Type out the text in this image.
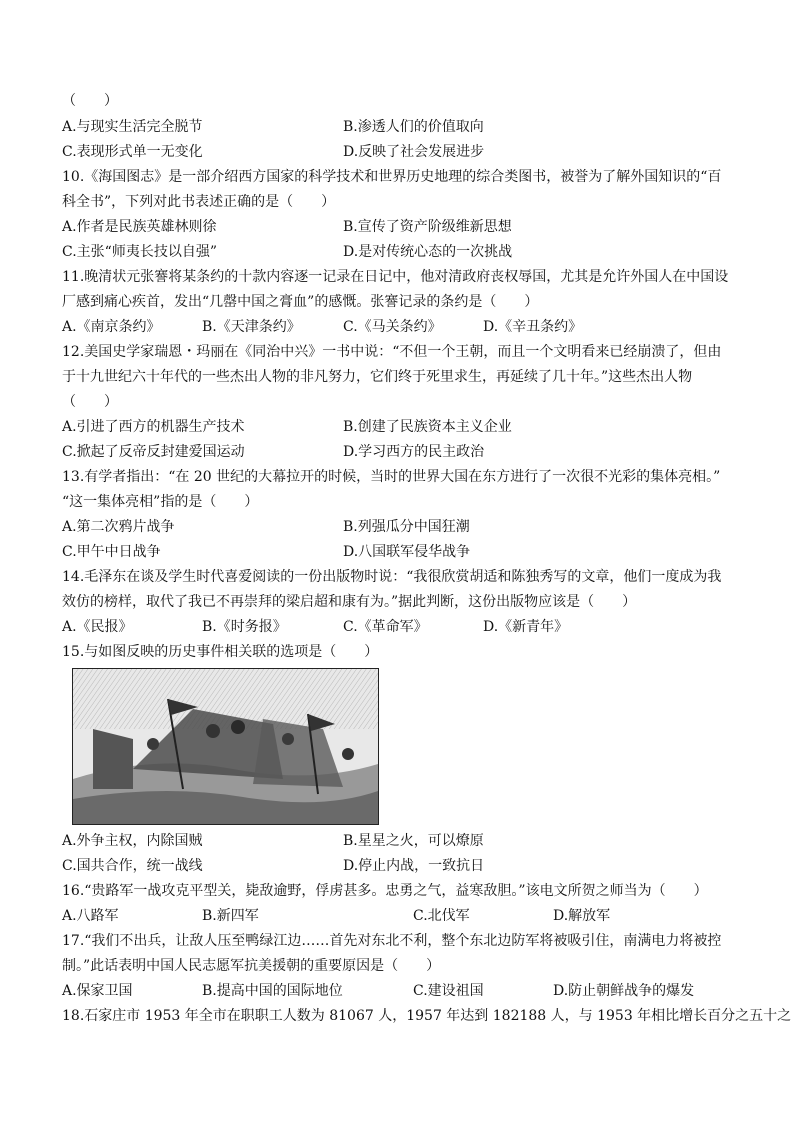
（　　）
A.与现实生活完全脱节	B.渗透人们的价值取向
C.表现形式单一无变化	D.反映了社会发展进步
10.《海国图志》是一部介绍西方国家的科学技术和世界历史地理的综合类图书，被誉为了解外国知识的“百
科全书”，下列对此书表述正确的是（　　）
A.作者是民族英雄林则徐	B.宣传了资产阶级维新思想
C.主张“师夷长技以自强”	D.是对传统心态的一次挑战
11.晚清状元张謇将某条约的十款内容逐一记录在日记中，他对清政府丧权辱国，尤其是允许外国人在中国设
厂感到痛心疾首，发出“几罄中国之膏血”的感慨。张謇记录的条约是（　　）
A.《南京条约》	B.《天津条约》	C.《马关条约》	D.《辛丑条约》
12.美国史学家瑞恩・玛丽在《同治中兴》一书中说：“不但一个王朝，而且一个文明看来已经崩溃了，但由
于十九世纪六十年代的一些杰出人物的非凡努力，它们终于死里求生，再延续了几十年。”这些杰出人物
（　　）
A.引进了西方的机器生产技术	B.创建了民族资本主义企业
C.掀起了反帝反封建爱国运动	D.学习西方的民主政治
13.有学者指出：“在 20 世纪的大幕拉开的时候，当时的世界大国在东方进行了一次很不光彩的集体亮相。”
“这一集体亮相”指的是（　　）
A.第二次鸦片战争	B.列强瓜分中国狂潮
C.甲午中日战争	D.八国联军侵华战争
14.毛泽东在谈及学生时代喜爱阅读的一份出版物时说：“我很欣赏胡适和陈独秀写的文章，他们一度成为我
效仿的榜样，取代了我已不再崇拜的梁启超和康有为。”据此判断，这份出版物应该是（　　）
A.《民报》	B.《时务报》	C.《革命军》	D.《新青年》
15.与如图反映的历史事件相关联的选项是（　　）
A.外争主权，内除国贼	B.星星之火，可以燎原
C.国共合作，统一战线	D.停止内战，一致抗日
16.“贵路军一战攻克平型关，毙敌逾野，俘虏甚多。忠勇之气，益寒敌胆。”该电文所贺之师当为（　　）
A.八路军	B.新四军	C.北伐军	D.解放军
17.“我们不出兵，让敌人压至鸭绿江边……首先对东北不利，整个东北边防军将被吸引住，南满电力将被控
制。”此话表明中国人民志愿军抗美援朝的重要原因是（　　）
A.保家卫国	B.提高中国的国际地位	C.建设祖国	D.防止朝鲜战争的爆发
18.石家庄市 1953 年全市在职职工人数为 81067 人，1957 年达到 182188 人，与 1953 年相比增长百分之五十之
